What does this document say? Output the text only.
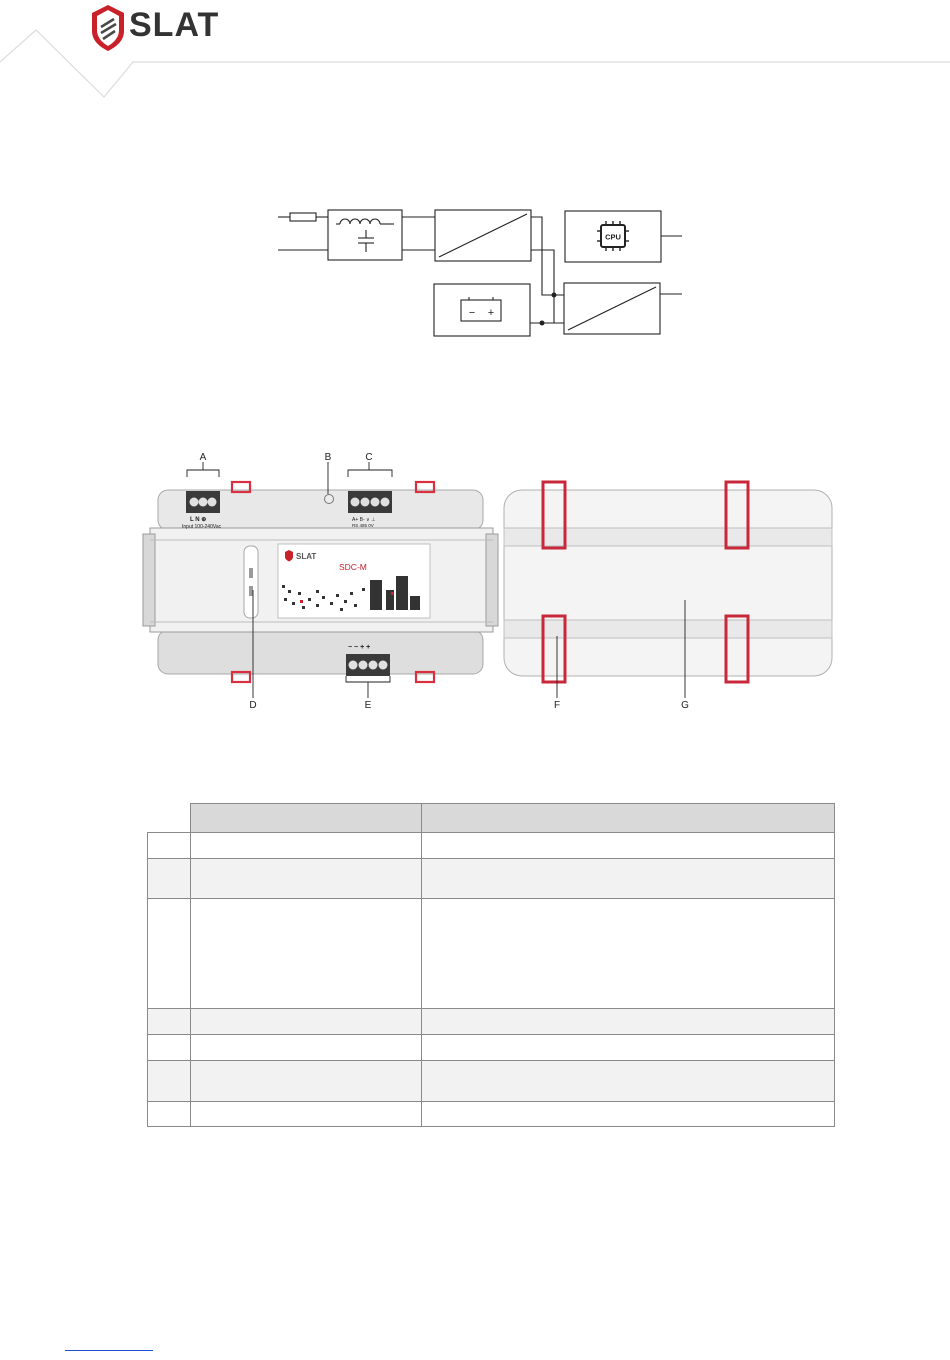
SLAT
CPU
− +
SLAT
SDC-M
L N ⊕
Input 100-240Vac
A+ B- ∨ ⊥
RS 485 0V
− − + +
A	B	C
D	E	F	G
